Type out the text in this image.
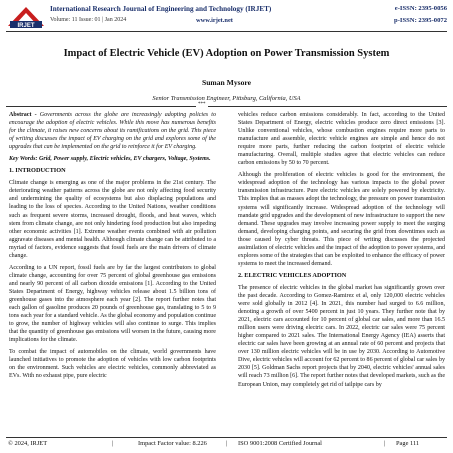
IRJET
International Research Journal of Engineering and Technology (IRJET)	e-ISSN: 2395-0056
Volume: 11 Issue: 01 | Jan 2024	www.irjet.net	p-ISSN: 2395-0072
Impact of Electric Vehicle (EV) Adoption on Power Transmission System
Suman Mysore
Senior Transmission Engineer, Pittsburg, California, USA
***

Abstract - Governments across the globe are increasingly adopting policies to encourage the adoption of electric vehicles. While this move has numerous benefits for the climate, it raises new concerns about its ramifications on the grid. This piece of writing discusses the impact of EV charging on the grid and explores some of the upgrades that can be implemented on the grid to reinforce it for EV charging.

Key Words: Grid, Power supply, Electric vehicles, EV chargers, Voltage, Systems.

1. INTRODUCTION

Climate change is emerging as one of the major problems in the 21st century. The deteriorating weather patterns across the globe are not only affecting food security and undermining the quality of ecosystems but also displacing populations and leading to the loss of species. According to the United Nations, weather conditions such as frequent severe storms, increased drought, floods, and heat waves, which stem from climate change, are not only hindering food production but also impeding other economic activities [1]. Extreme weather events combined with air pollution aggravate diseases and mental health. Although climate change can be attributed to a myriad of factors, evidence suggests that fossil fuels are the main drivers of climate change.

According to a UN report, fossil fuels are by far the largest contributors to global climate change, accounting for over 75 percent of global greenhouse gas emissions and nearly 90 percent of all carbon dioxide emissions [1]. According to the United States Department of Energy, highway vehicles release about 1.5 billion tons of greenhouse gases into the atmosphere each year [2]. The report further notes that each gallon of gasoline produces 20 pounds of greenhouse gas, translating to 5 to 9 tons each year for a standard vehicle. As the global economy and population continue to grow, the number of highway vehicles will also continue to surge. This implies that the quantity of greenhouse gas emissions will worsen in the future, causing more implications for the climate.

To combat the impact of automobiles on the climate, world governments have launched initiatives to promote the adoption of vehicles with low carbon footprints on the environment. Such vehicles are electric vehicles, commonly abbreviated as EVs. With no exhaust pipe, pure electric

vehicles reduce carbon emissions considerably. In fact, according to the United States Department of Energy, electric vehicles produce zero direct emissions [3]. Unlike conventional vehicles, whose combustion engines require more parts to manufacture and assemble, electric vehicle engines are simple and hence do not require more parts, further reducing the carbon footprint of electric vehicle manufacturing. Overall, multiple studies agree that electric vehicles can reduce carbon emissions by 50 to 70 percent.

Although the proliferation of electric vehicles is good for the environment, the widespread adoption of the technology has various impacts to the global power transmission infrastructure. Pure electric vehicles are solely powered by electricity. This implies that as masses adopt the technology, the pressure on power transmission systems will significantly increase. Widespread adoption of the technology will mandate grid upgrades and the development of new infrastructure to support the new demand. These upgrades may involve increasing power supply to meet the surging demand, developing charging points, and securing the grid from downtimes such as those caused by cyber threats. This piece of writing discusses the projected assimilation of electric vehicles and the impact of the adoption to power systems, and explores some of the strategies that can be exploited to enhance the efficacy of power systems to meet the increased demand.

2. ELECTRIC VEHICLES ADOPTION

The presence of electric vehicles in the global market has significantly grown over the past decade. According to Gomez-Ramirez et al, only 120,000 electric vehicles were sold globally in 2012 [4]. In 2021, this number had surged to 6.6 million, denoting a growth of over 5400 percent in just 10 years. They further note that by 2021, electric cars accounted for 10 percent of global car sales, and more than 16.5 million users were driving electric cars. In 2022, electric car sales were 75 percent higher compared to 2021 sales. The International Energy Agency (IEA) asserts that electric car sales have been growing at an annual rate of 60 percent and projects that over 130 million electric vehicles will be in use by 2030. According to Automotive Dive, electric vehicles will account for 62 percent to 86 percent of global car sales by 2030 [5]. Goldman Sachs report projects that by 2040, electric vehicles' annual sales will reach 73 million [6]. The report further notes that developed markets, such as the European Union, may completely get rid of tailpipe cars by

© 2024, IRJET	|	Impact Factor value: 8.226	| ISO 9001:2008 Certified Journal	| Page 111
